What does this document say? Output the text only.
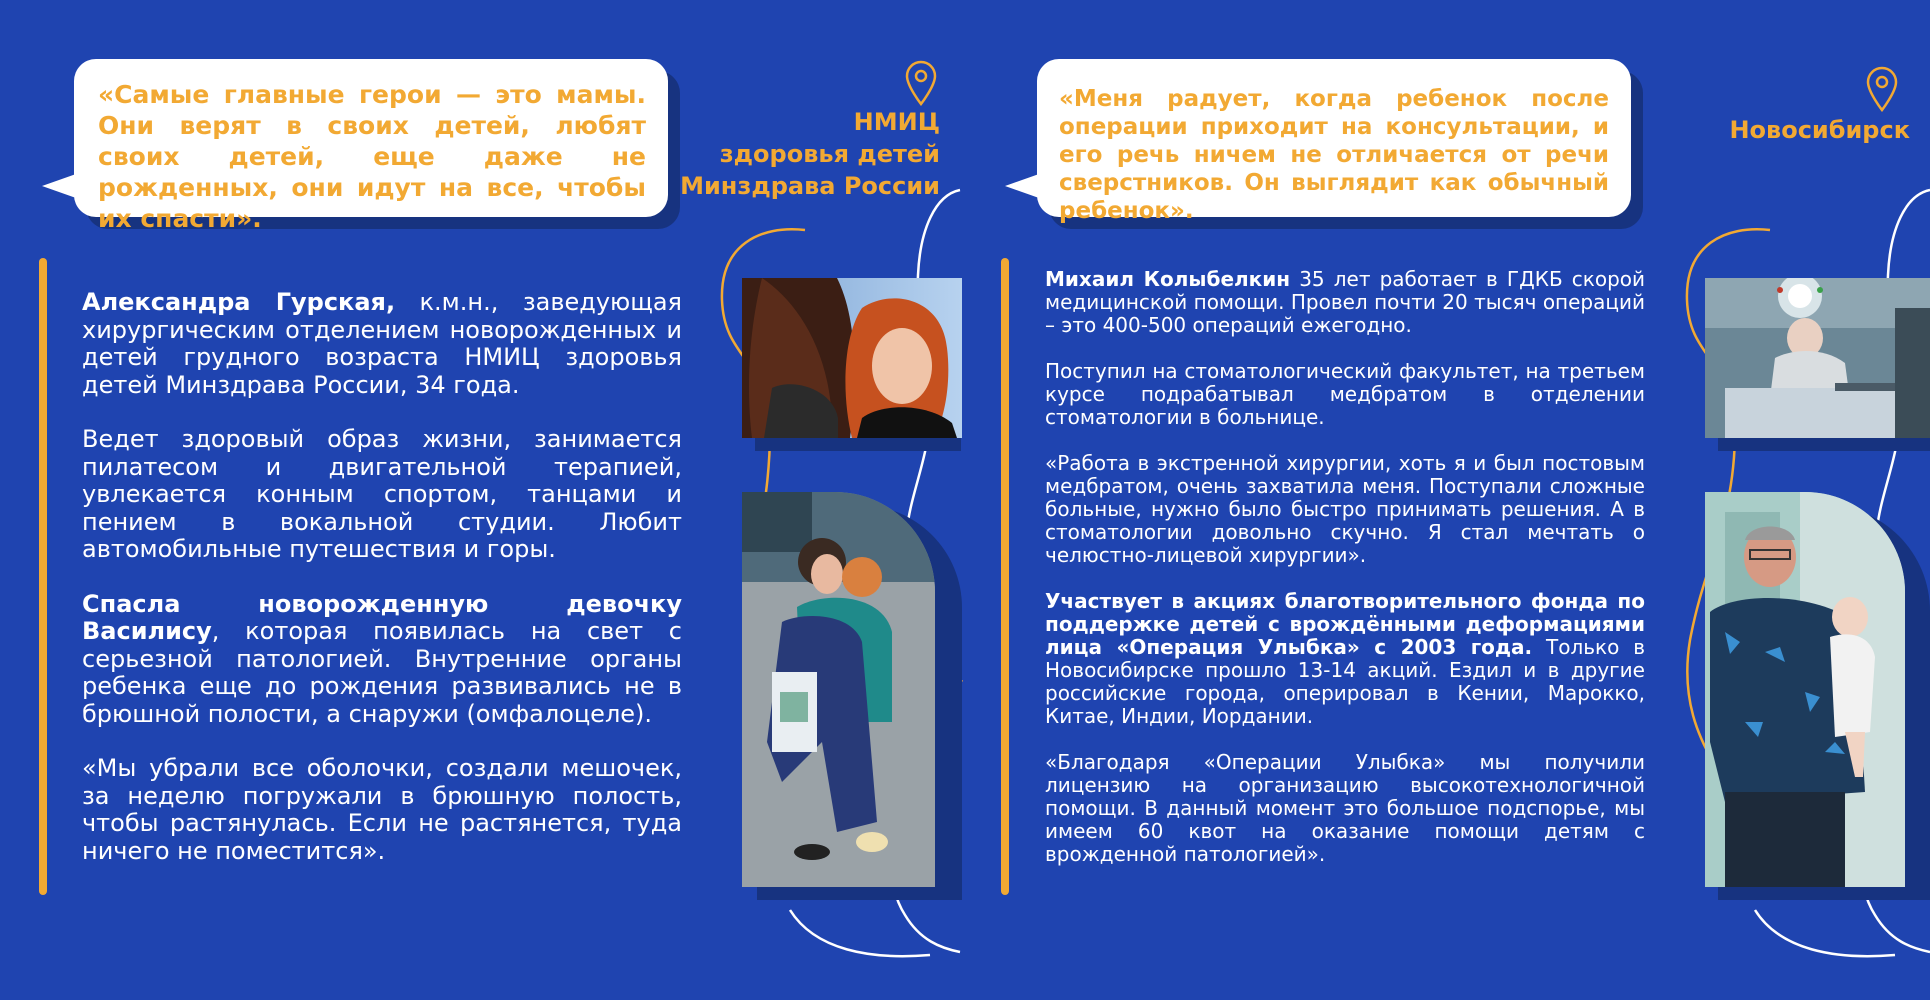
«Самые главные герои — это мамы. Они верят в своих детей, любят своих детей, еще даже не рожденных, они идут на все, чтобы их спасти».
НМИЦ
здоровья детей
Минздрава России

Александра Гурская, к.м.н., заведующая хирургическим отделением новорожденных и детей грудного возраста НМИЦ здоровья детей Минздрава России, 34 года.

Ведет здоровый образ жизни, занимается пилатесом и двигательной терапией, увлекается конным спортом, танцами и пением в вокальной студии. Любит автомобильные путешествия и горы.

Спасла новорожденную девочку Василису, которая появилась на свет с серьезной патологией. Внутренние органы ребенка еще до рождения развивались не в брюшной полости, а снаружи (омфалоцеле).

«Мы убрали все оболочки, создали мешочек, за неделю погружали в брюшную полость, чтобы растянулась. Если не растянется, туда ничего не поместится».

«Меня радует, когда ребенок после операции приходит на консультации, и его речь ничем не отличается от речи сверстников. Он выглядит как обычный ребенок».
Новосибирск

Михаил Колыбелкин 35 лет работает в ГДКБ скорой медицинской помощи. Провел почти 20 тысяч операций – это 400-500 операций ежегодно.

Поступил на стоматологический факультет, на третьем курсе подрабатывал медбратом в отделении стоматологии в больнице.

«Работа в экстренной хирургии, хоть я и был постовым медбратом, очень захватила меня. Поступали сложные больные, нужно было быстро принимать решения. А в стоматологии довольно скучно. Я стал мечтать о челюстно-лицевой хирургии».

Участвует в акциях благотворительного фонда по поддержке детей с врождёнными деформациями лица «Операция Улыбка» с 2003 года. Только в Новосибирске прошло 13-14 акций. Ездил и в другие российские города, оперировал в Кении, Марокко, Китае, Индии, Иордании.

«Благодаря «Операции Улыбка» мы получили лицензию на организацию высокотехнологичной помощи. В данный момент это большое подспорье, мы имеем 60 квот на оказание помощи детям с врожденной патологией».
